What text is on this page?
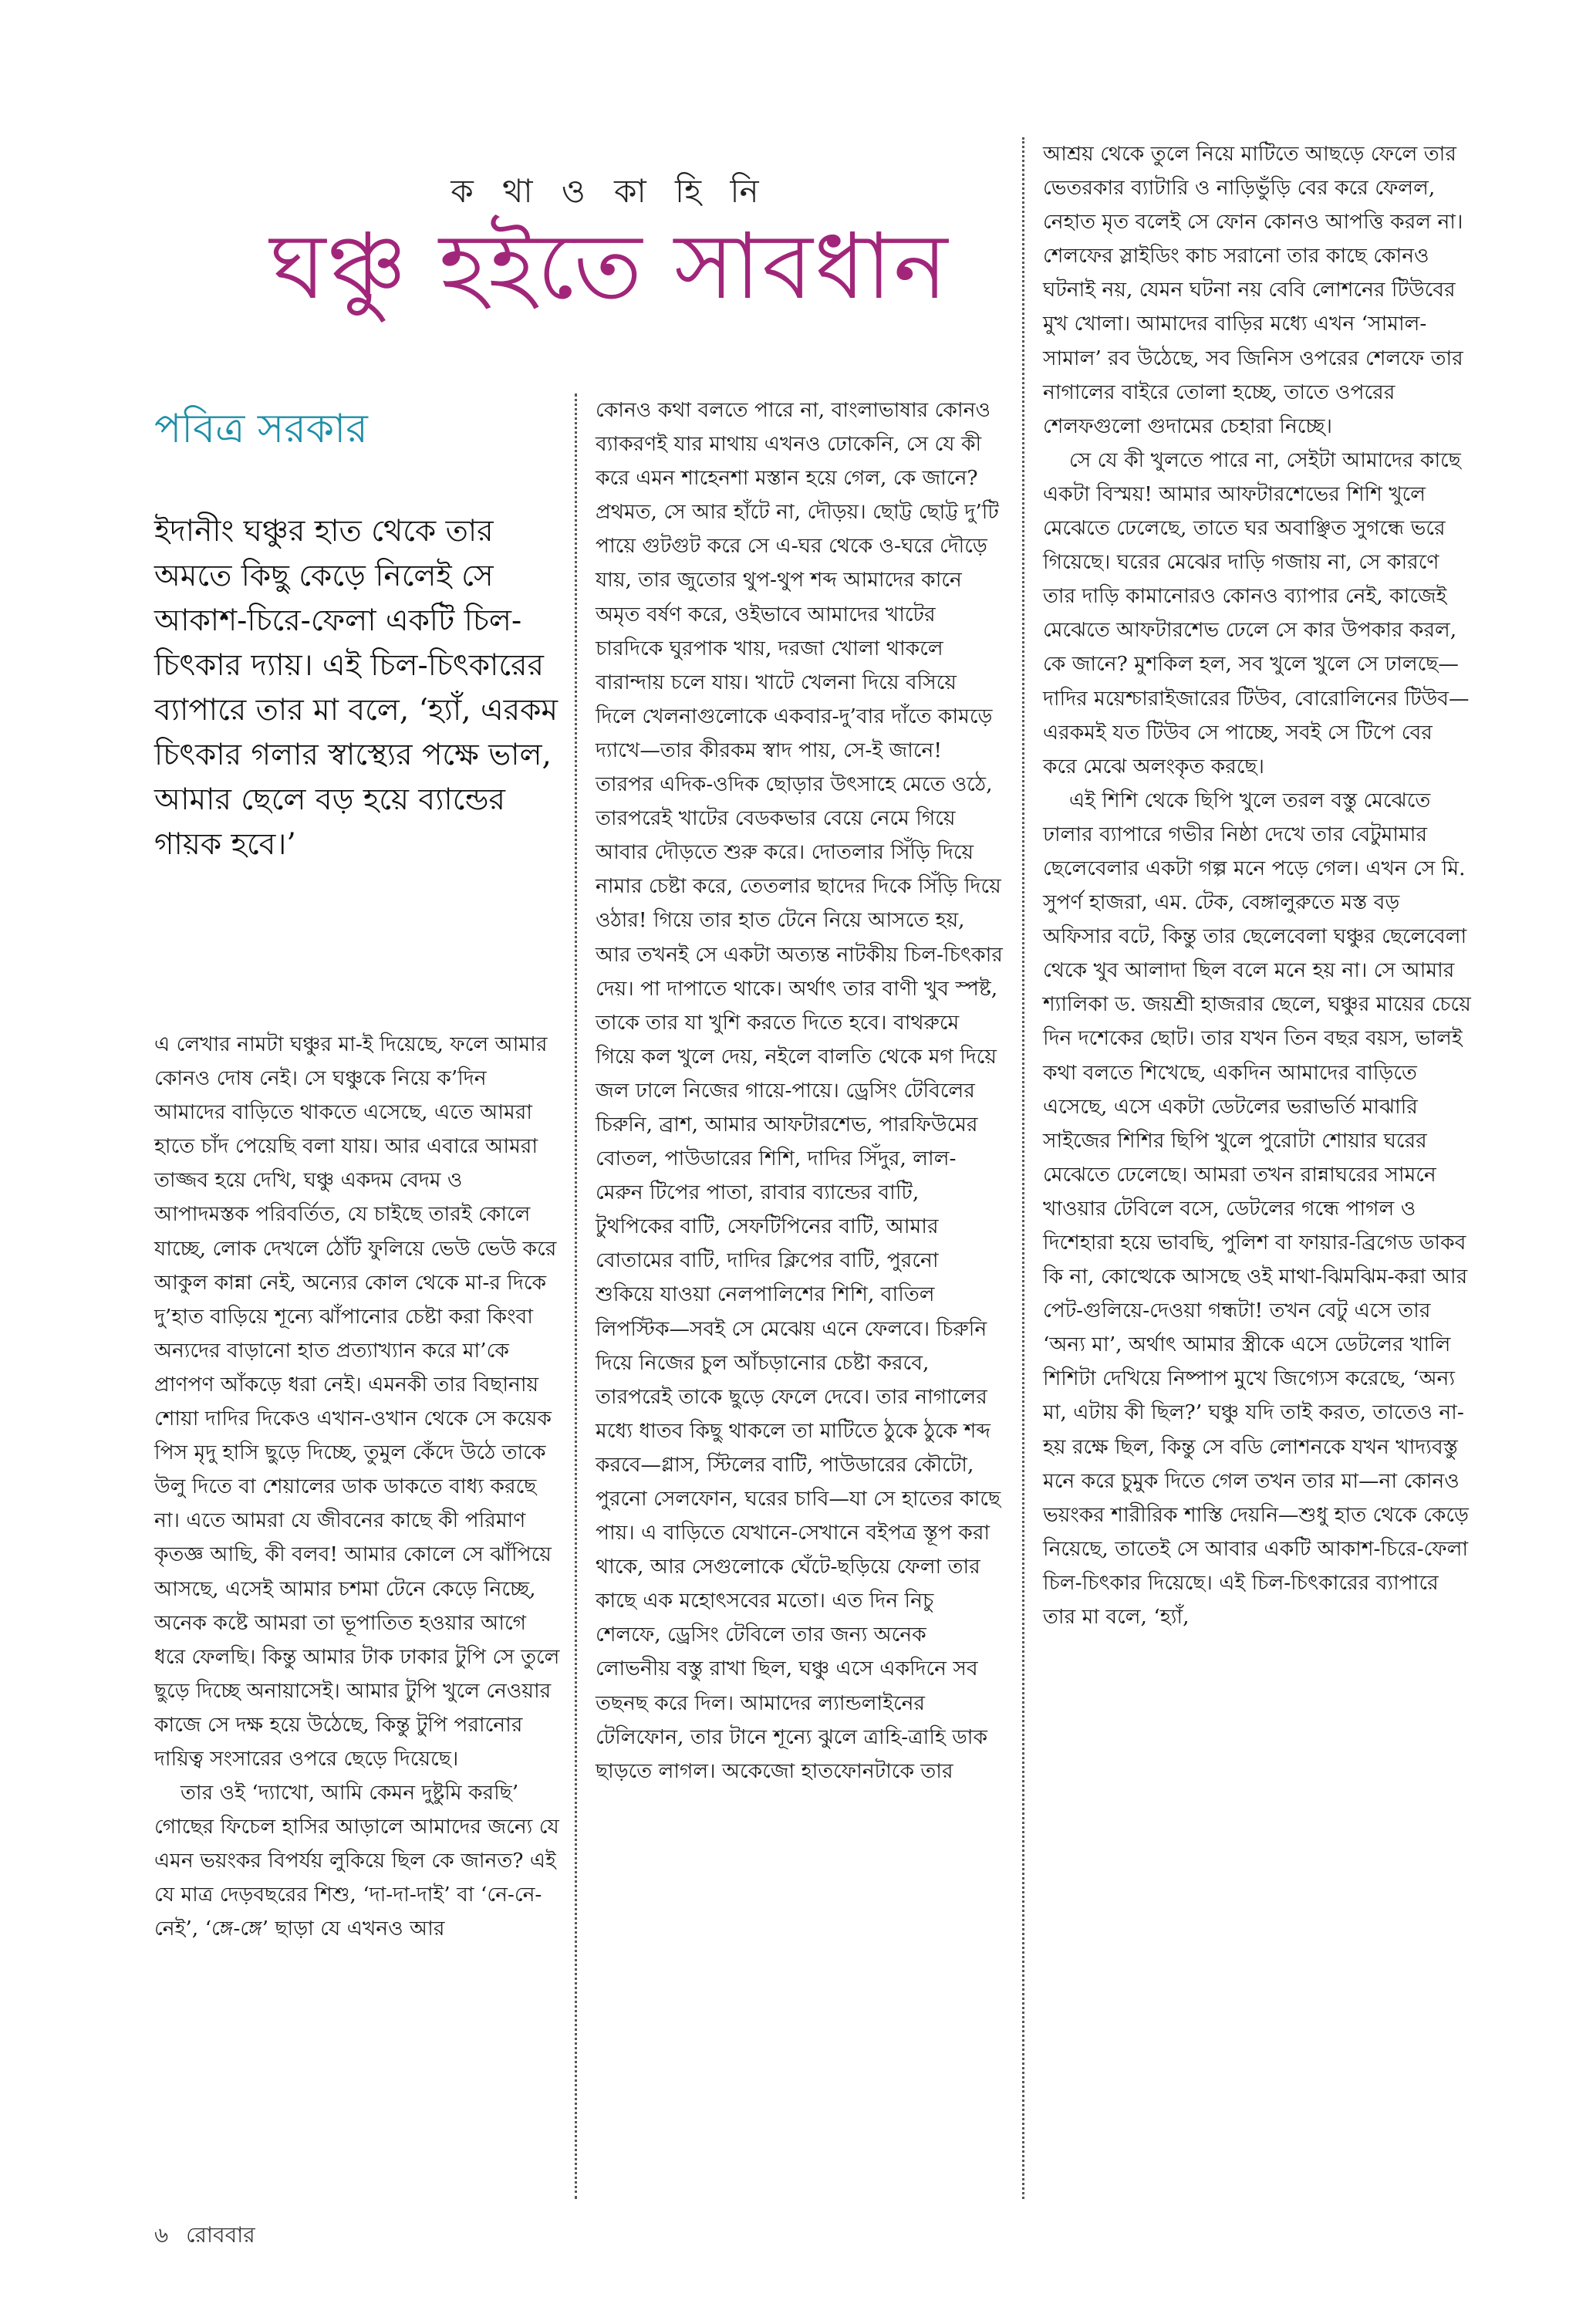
ক থা ও কা হি নি
ঘঞ্চু হইতে সাবধান
পবিত্র সরকার

ইদানীং ঘঞ্চুর হাত থেকে তার অমতে কিছু কেড়ে নিলেই সে আকাশ-চিরে-ফেলা একটি চিল-চিৎকার দ্যায়। এই চিল-চিৎকারের ব্যাপারে তার মা বলে, ‘হ্যাঁ, এরকম চিৎকার গলার স্বাস্থ্যের পক্ষে ভাল, আমার ছেলে বড় হয়ে ব্যান্ডের গায়ক হবে।’

এ লেখার নামটা ঘঞ্চুর মা-ই দিয়েছে, ফলে আমার কোনও দোষ নেই। সে ঘঞ্চুকে নিয়ে ক’দিন আমাদের বাড়িতে থাকতে এসেছে, এতে আমরা হাতে চাঁদ পেয়েছি বলা যায়। আর এবারে আমরা তাজ্জব হয়ে দেখি, ঘঞ্চু একদম বেদম ও আপাদমস্তক পরিবর্তিত, যে চাইছে তারই কোলে যাচ্ছে, লোক দেখলে ঠোঁট ফুলিয়ে ভেউ ভেউ করে আকুল কান্না নেই, অন্যের কোল থেকে মা-র দিকে দু’হাত বাড়িয়ে শূন্যে ঝাঁপানোর চেষ্টা করা কিংবা অন্যদের বাড়ানো হাত প্রত্যাখ্যান করে মা’কে প্রাণপণ আঁকড়ে ধরা নেই। এমনকী তার বিছানায় শোয়া দাদির দিকেও এখান-ওখান থেকে সে কয়েক পিস মৃদু হাসি ছুড়ে দিচ্ছে, তুমুল কেঁদে উঠে তাকে উলু দিতে বা শেয়ালের ডাক ডাকতে বাধ্য করছে না। এতে আমরা যে জীবনের কাছে কী পরিমাণ কৃতজ্ঞ আছি, কী বলব! আমার কোলে সে ঝাঁপিয়ে আসছে, এসেই আমার চশমা টেনে কেড়ে নিচ্ছে, অনেক কষ্টে আমরা তা ভূপাতিত হওয়ার আগে ধরে ফেলছি। কিন্তু আমার টাক ঢাকার টুপি সে তুলে ছুড়ে দিচ্ছে অনায়াসেই। আমার টুপি খুলে নেওয়ার কাজে সে দক্ষ হয়ে উঠেছে, কিন্তু টুপি পরানোর দায়িত্ব সংসারের ওপরে ছেড়ে দিয়েছে।

তার ওই ‘দ্যাখো, আমি কেমন দুষ্টুমি করছি’ গোছের ফিচেল হাসির আড়ালে আমাদের জন্যে যে এমন ভয়ংকর বিপর্যয় লুকিয়ে ছিল কে জানত? এই যে মাত্র দেড়বছরের শিশু, ‘দা-দা-দাই’ বা ‘নে-নে-নেই’, ‘ঙ্গে-ঙ্গে’ ছাড়া যে এখনও আর

কোনও কথা বলতে পারে না, বাংলাভাষার কোনও ব্যাকরণই যার মাথায় এখনও ঢোকেনি, সে যে কী করে এমন শাহেনশা মস্তান হয়ে গেল, কে জানে? প্রথমত, সে আর হাঁটে না, দৌড়য়। ছোট্ট ছোট্ট দু’টি পায়ে গুটগুট করে সে এ-ঘর থেকে ও-ঘরে দৌড়ে যায়, তার জুতোর থুপ-থুপ শব্দ আমাদের কানে অমৃত বর্ষণ করে, ওইভাবে আমাদের খাটের চারদিকে ঘুরপাক খায়, দরজা খোলা থাকলে বারান্দায় চলে যায়। খাটে খেলনা দিয়ে বসিয়ে দিলে খেলনাগুলোকে একবার-দু’বার দাঁতে কামড়ে দ্যাখে—তার কীরকম স্বাদ পায়, সে-ই জানে! তারপর এদিক-ওদিক ছোড়ার উৎসাহে মেতে ওঠে, তারপরেই খাটের বেডকভার বেয়ে নেমে গিয়ে আবার দৌড়তে শুরু করে। দোতলার সিঁড়ি দিয়ে নামার চেষ্টা করে, তেতলার ছাদের দিকে সিঁড়ি দিয়ে ওঠার! গিয়ে তার হাত টেনে নিয়ে আসতে হয়, আর তখনই সে একটা অত্যন্ত নাটকীয় চিল-চিৎকার দেয়। পা দাপাতে থাকে। অর্থাৎ তার বাণী খুব স্পষ্ট, তাকে তার যা খুশি করতে দিতে হবে। বাথরুমে গিয়ে কল খুলে দেয়, নইলে বালতি থেকে মগ দিয়ে জল ঢালে নিজের গায়ে-পায়ে। ড্রেসিং টেবিলের চিরুনি, ব্রাশ, আমার আফটারশেভ, পারফিউমের বোতল, পাউডারের শিশি, দাদির সিঁদুর, লাল-মেরুন টিপের পাতা, রাবার ব্যান্ডের বাটি, টুথপিকের বাটি, সেফটিপিনের বাটি, আমার বোতামের বাটি, দাদির ক্লিপের বাটি, পুরনো শুকিয়ে যাওয়া নেলপালিশের শিশি, বাতিল লিপস্টিক—সবই সে মেঝেয় এনে ফেলবে। চিরুনি দিয়ে নিজের চুল আঁচড়ানোর চেষ্টা করবে, তারপরেই তাকে ছুড়ে ফেলে দেবে। তার নাগালের মধ্যে ধাতব কিছু থাকলে তা মাটিতে ঠুকে ঠুকে শব্দ করবে—গ্লাস, স্টিলের বাটি, পাউডারের কৌটো, পুরনো সেলফোন, ঘরের চাবি—যা সে হাতের কাছে পায়। এ বাড়িতে যেখানে-সেখানে বইপত্র স্তূপ করা থাকে, আর সেগুলোকে ঘেঁটে-ছড়িয়ে ফেলা তার কাছে এক মহোৎসবের মতো। এত দিন নিচু শেলফে, ড্রেসিং টেবিলে তার জন্য অনেক লোভনীয় বস্তু রাখা ছিল, ঘঞ্চু এসে একদিনে সব তছনছ করে দিল। আমাদের ল্যান্ডলাইনের টেলিফোন, তার টানে শূন্যে ঝুলে ত্রাহি-ত্রাহি ডাক ছাড়তে লাগল। অকেজো হাতফোনটাকে তার

আশ্রয় থেকে তুলে নিয়ে মাটিতে আছড়ে ফেলে তার ভেতরকার ব্যাটারি ও নাড়িভুঁড়ি বের করে ফেলল, নেহাত মৃত বলেই সে ফোন কোনও আপত্তি করল না। শেলফের স্লাইডিং কাচ সরানো তার কাছে কোনও ঘটনাই নয়, যেমন ঘটনা নয় বেবি লোশনের টিউবের মুখ খোলা। আমাদের বাড়ির মধ্যে এখন ‘সামাল-সামাল’ রব উঠেছে, সব জিনিস ওপরের শেলফে তার নাগালের বাইরে তোলা হচ্ছে, তাতে ওপরের শেলফগুলো গুদামের চেহারা নিচ্ছে।

সে যে কী খুলতে পারে না, সেইটা আমাদের কাছে একটা বিস্ময়! আমার আফটারশেভের শিশি খুলে মেঝেতে ঢেলেছে, তাতে ঘর অবাঞ্ছিত সুগন্ধে ভরে গিয়েছে। ঘরের মেঝের দাড়ি গজায় না, সে কারণে তার দাড়ি কামানোরও কোনও ব্যাপার নেই, কাজেই মেঝেতে আফটারশেভ ঢেলে সে কার উপকার করল, কে জানে? মুশকিল হল, সব খুলে খুলে সে ঢালছে—দাদির ময়েশ্চারাইজারের টিউব, বোরোলিনের টিউব—এরকমই যত টিউব সে পাচ্ছে, সবই সে টিপে বের করে মেঝে অলংকৃত করছে।

এই শিশি থেকে ছিপি খুলে তরল বস্তু মেঝেতে ঢালার ব্যাপারে গভীর নিষ্ঠা দেখে তার বেটুমামার ছেলেবেলার একটা গল্প মনে পড়ে গেল। এখন সে মি. সুপর্ণ হাজরা, এম. টেক, বেঙ্গালুরুতে মস্ত বড় অফিসার বটে, কিন্তু তার ছেলেবেলা ঘঞ্চুর ছেলেবেলা থেকে খুব আলাদা ছিল বলে মনে হয় না। সে আমার শ্যালিকা ড. জয়শ্রী হাজরার ছেলে, ঘঞ্চুর মায়ের চেয়ে দিন দশেকের ছোট। তার যখন তিন বছর বয়স, ভালই কথা বলতে শিখেছে, একদিন আমাদের বাড়িতে এসেছে, এসে একটা ডেটলের ভরাভর্তি মাঝারি সাইজের শিশির ছিপি খুলে পুরোটা শোয়ার ঘরের মেঝেতে ঢেলেছে। আমরা তখন রান্নাঘরের সামনে খাওয়ার টেবিলে বসে, ডেটলের গন্ধে পাগল ও দিশেহারা হয়ে ভাবছি, পুলিশ বা ফায়ার-ব্রিগেড ডাকব কি না, কোত্থেকে আসছে ওই মাথা-ঝিমঝিম-করা আর পেট-গুলিয়ে-দেওয়া গন্ধটা! তখন বেটু এসে তার ‘অন্য মা’, অর্থাৎ আমার স্ত্রীকে এসে ডেটলের খালি শিশিটা দেখিয়ে নিষ্পাপ মুখে জিগ্যেস করেছে, ‘অন্য মা, এটায় কী ছিল?’ ঘঞ্চু যদি তাই করত, তাতেও না-হয় রক্ষে ছিল, কিন্তু সে বডি লোশনকে যখন খাদ্যবস্তু মনে করে চুমুক দিতে গেল তখন তার মা—না কোনও ভয়ংকর শারীরিক শাস্তি দেয়নি—শুধু হাত থেকে কেড়ে নিয়েছে, তাতেই সে আবার একটি আকাশ-চিরে-ফেলা চিল-চিৎকার দিয়েছে। এই চিল-চিৎকারের ব্যাপারে তার মা বলে, ‘হ্যাঁ,

৬ রোববার
